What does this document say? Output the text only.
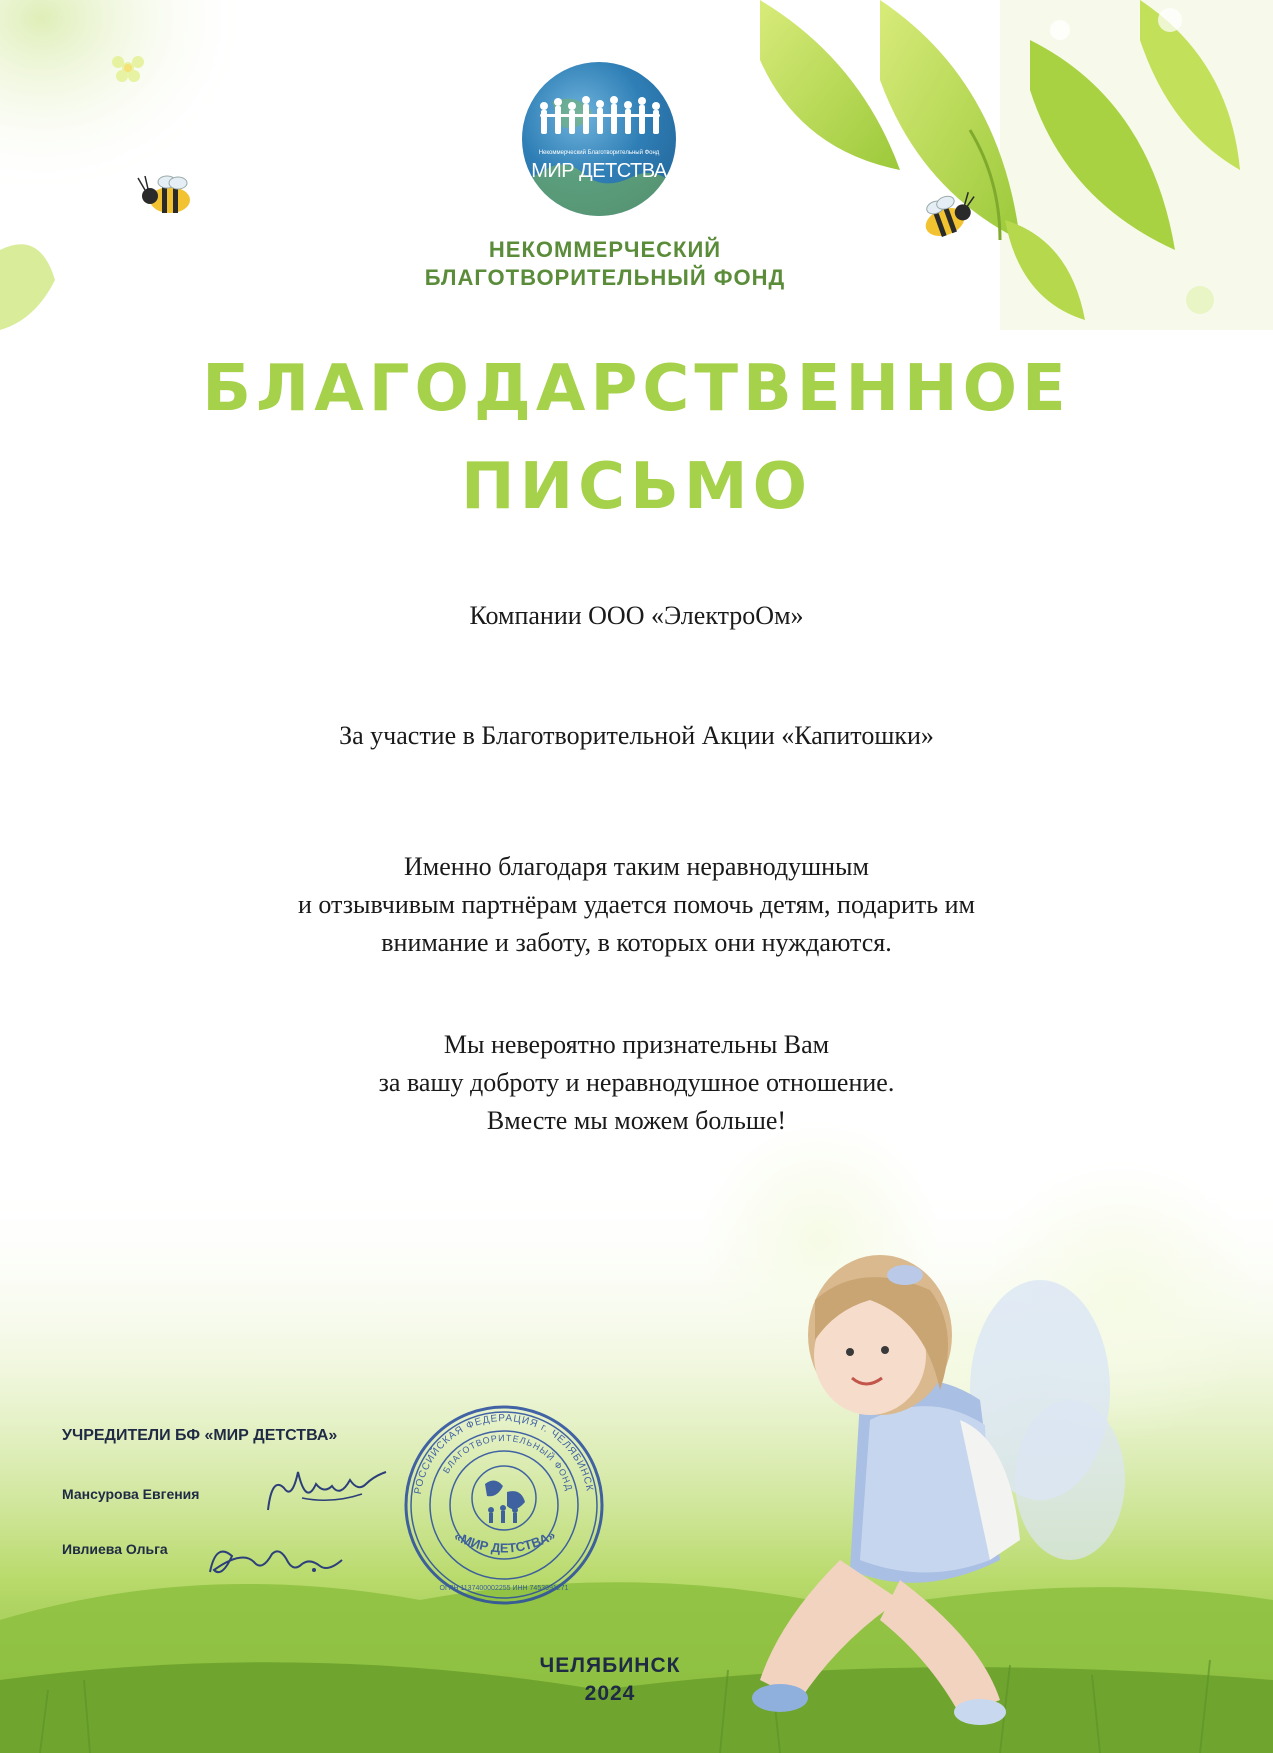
Некоммерческий Благотворительный Фонд
МИР ДЕТСТВА
НЕКОММЕРЧЕСКИЙ
БЛАГОТВОРИТЕЛЬНЫЙ ФОНД
БЛАГОДАРСТВЕННОЕ
ПИСЬМО
Компании ООО «ЭлектроОм»
За участие в Благотворительной Акции «Капитошки»
Именно благодаря таким неравнодушным
и отзывчивым партнёрам удается помочь детям, подарить им
внимание и заботу, в которых они нуждаются.
Мы невероятно признательны Вам
за вашу доброту и неравнодушное отношение.
Вместе мы можем больше!
УЧРЕДИТЕЛИ БФ «МИР ДЕТСТВА»
Мансурова Евгения
Ивлиева Ольга
РОССИЙСКАЯ ФЕДЕРАЦИЯ г. ЧЕЛЯБИНСК
БЛАГОТВОРИТЕЛЬНЫЙ ФОНД
«МИР ДЕТСТВА»
ОГРН 1137400002255 ИНН 7453991271
ЧЕЛЯБИНСК
2024
